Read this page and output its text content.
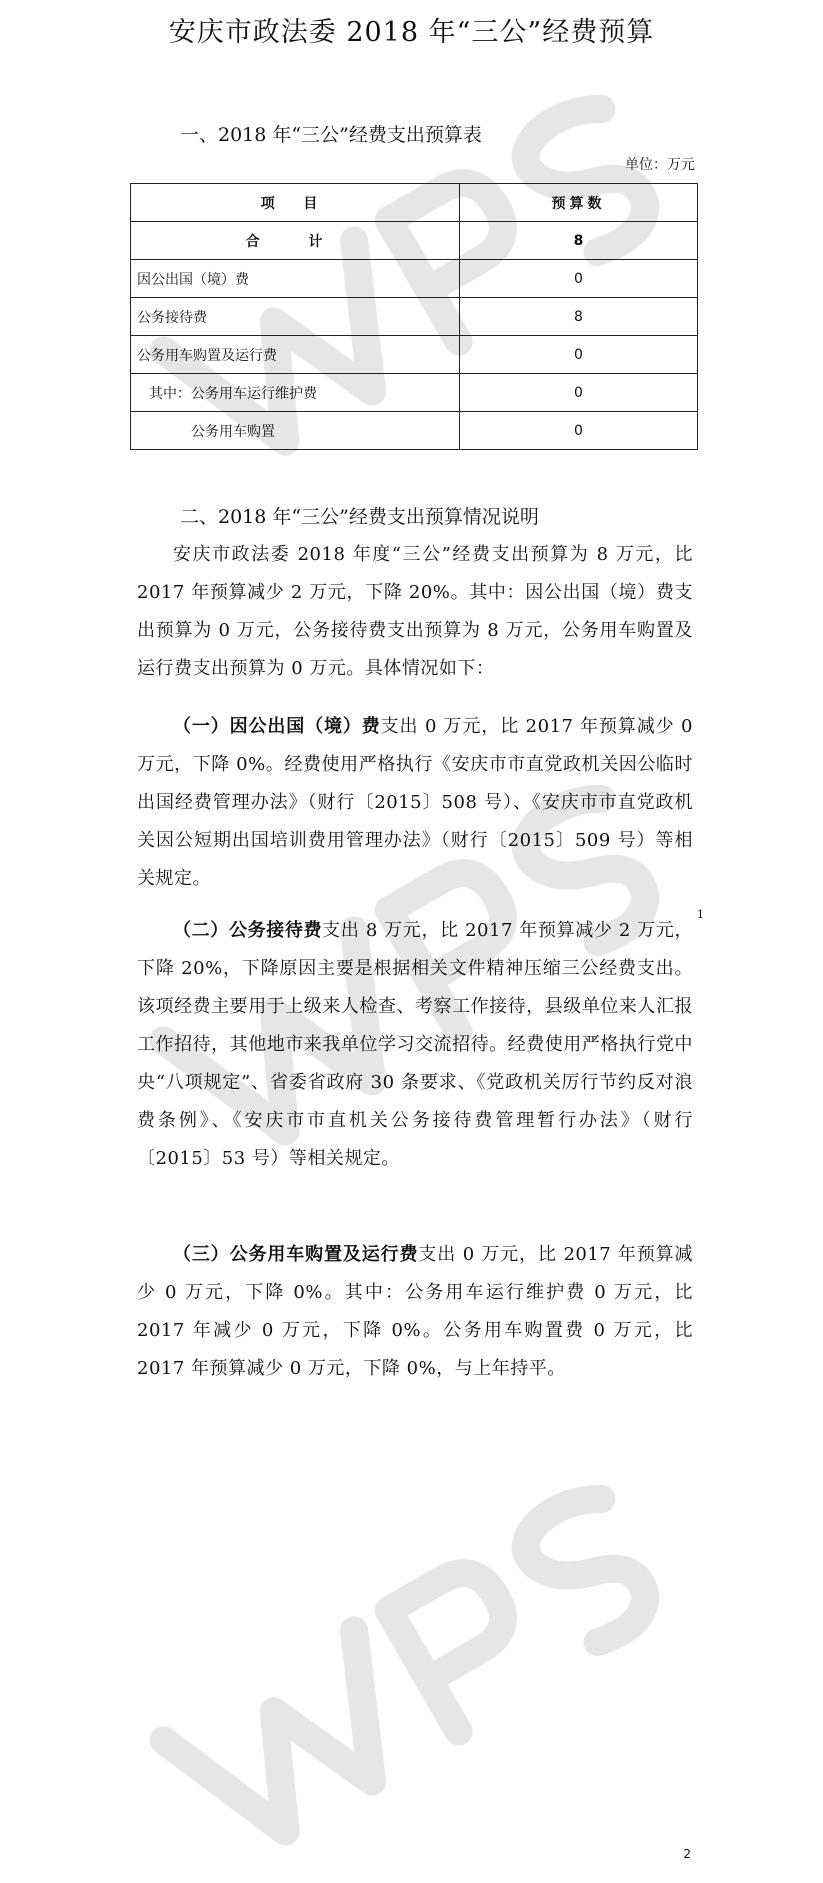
安庆市政法委 2018 年“三公”经费预算
一、2018 年“三公”经费支出预算表
单位：万元
项 目	预算数
合 计	8
因公出国（境）费	0
公务接待费	8
公务用车购置及运行费	0
其中：公务用车运行维护费	0
公务用车购置	0
二、2018 年“三公”经费支出预算情况说明
安庆市政法委 2018 年度“三公”经费支出预算为 8 万元，比 2017 年预算减少 2 万元，下降 20%。其中：因公出国（境）费支出预算为 0 万元，公务接待费支出预算为 8 万元，公务用车购置及运行费支出预算为 0 万元。具体情况如下：
（一）因公出国（境）费支出 0 万元，比 2017 年预算减少 0 万元，下降 0%。经费使用严格执行《安庆市市直党政机关因公临时出国经费管理办法》（财行〔2015〕508 号）、《安庆市市直党政机关因公短期出国培训费用管理办法》（财行〔2015〕509 号）等相关规定。
（二）公务接待费支出 8 万元，比 2017 年预算减少 2 万元，下降 20%，下降原因主要是根据相关文件精神压缩三公经费支出。该项经费主要用于上级来人检查、考察工作接待，县级单位来人汇报工作招待，其他地市来我单位学习交流招待。经费使用严格执行党中央“八项规定”、省委省政府 30 条要求、《党政机关厉行节约反对浪费条例》、《安庆市市直机关公务接待费管理暂行办法》（财行〔2015〕53 号）等相关规定。
1
（三）公务用车购置及运行费支出 0 万元，比 2017 年预算减少 0 万元，下降 0%。其中：公务用车运行维护费 0 万元，比 2017 年减少 0 万元，下降 0%。公务用车购置费 0 万元，比 2017 年预算减少 0 万元，下降 0%，与上年持平。
2
